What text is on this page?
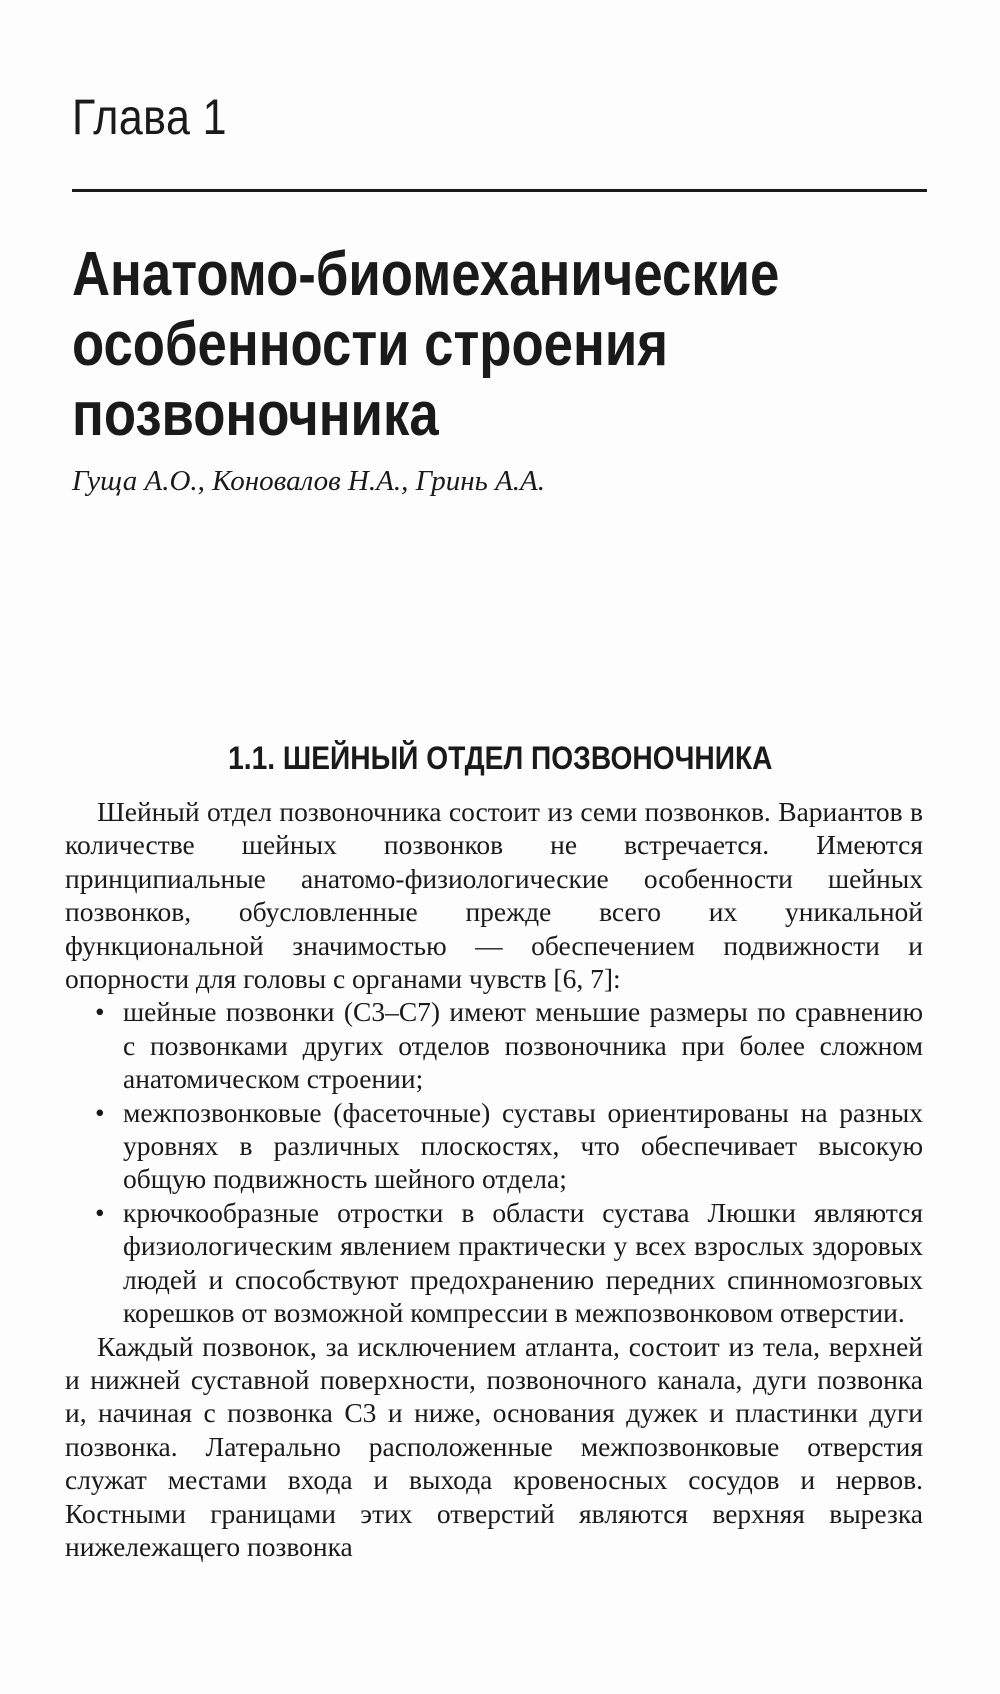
Глава 1
Анатомо-биомеханические
особенности строения
позвоночника
Гуща А.О., Коновалов Н.А., Гринь А.А.
1.1. ШЕЙНЫЙ ОТДЕЛ ПОЗВОНОЧНИКА

Шейный отдел позвоночника состоит из семи позвонков. Вариантов в количестве шейных позвонков не встречается. Имеются принципиальные анатомо-физиологические особенности шейных позвонков, обусловленные прежде всего их уникальной функциональной значимостью — обеспечением подвижности и опорности для головы с органами чувств [6, 7]:

• шейные позвонки (С3–С7) имеют меньшие размеры по сравнению с позвонками других отделов позвоночника при более сложном анатомическом строении;
• межпозвонковые (фасеточные) суставы ориентированы на разных уровнях в различных плоскостях, что обеспечивает высокую общую подвижность шейного отдела;
• крючкообразные отростки в области сустава Люшки являются физиологическим явлением практически у всех взрослых здоровых людей и способствуют предохранению передних спинномозговых корешков от возможной компрессии в межпозвонковом отверстии.

Каждый позвонок, за исключением атланта, состоит из тела, верхней и нижней суставной поверхности, позвоночного канала, дуги позвонка и, начиная с позвонка С3 и ниже, основания дужек и пластинки дуги позвонка. Латерально расположенные межпозвонковые отверстия служат местами входа и выхода кровеносных сосудов и нервов. Костными границами этих отверстий являются верхняя вырезка нижележащего позвонка
